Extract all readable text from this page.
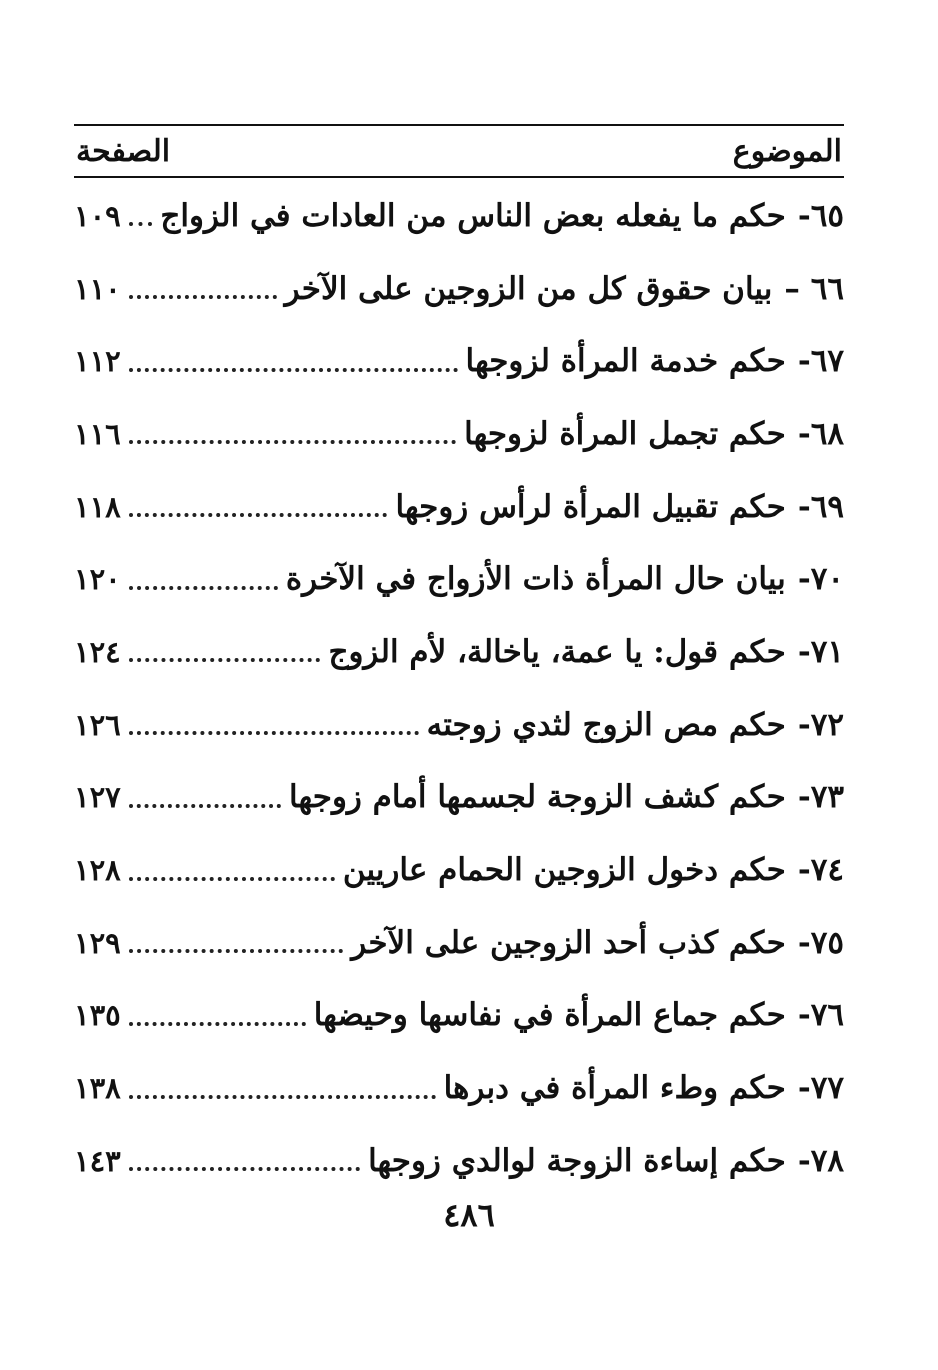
الموضوع
الصفحة
٦٥-
حكم ما يفعله بعض الناس من العادات في الزواج
١٠٩
٦٦ –
بيان حقوق كل من الزوجين على الآخر
١١٠
٦٧-
حكم خدمة المرأة لزوجها
١١٢
٦٨-
حكم تجمل المرأة لزوجها
١١٦
٦٩-
حكم تقبيل المرأة لرأس زوجها
١١٨
٧٠-
بيان حال المرأة ذات الأزواج في الآخرة
١٢٠
٧١-
حكم قول: يا عمة، ياخالة، لأم الزوج
١٢٤
٧٢-
حكم مص الزوج لثدي زوجته
١٢٦
٧٣-
حكم كشف الزوجة لجسمها أمام زوجها
١٢٧
٧٤-
حكم دخول الزوجين الحمام عاريين
١٢٨
٧٥-
حكم كذب أحد الزوجين على الآخر
١٢٩
٧٦-
حكم جماع المرأة في نفاسها وحيضها
١٣٥
٧٧-
حكم وطء المرأة في دبرها
١٣٨
٧٨-
حكم إساءة الزوجة لوالدي زوجها
١٤٣
٤٨٦
